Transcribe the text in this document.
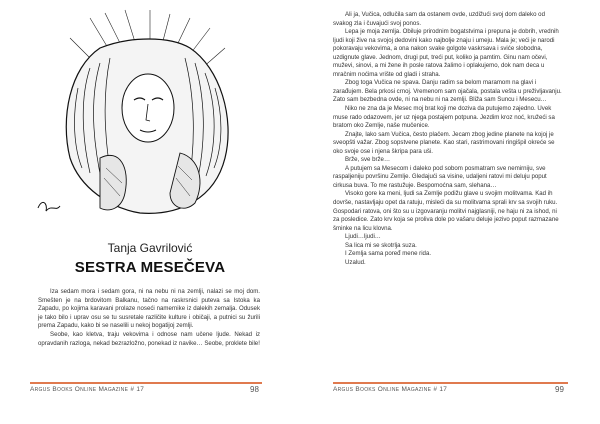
Tanja Gavrilović
SESTRA MESEČEVA

Iza sedam mora i sedam gora, ni na nebu ni na zemlji, nalazi se moj dom. Smešten je na brdovitom Balkanu, tačno na raskrsnici puteva sa Istoka ka Zapadu, po kojima karavani prolaze noseći namernike iz dalekih zemalja. Odusek je tako bilo i uprav osu se tu susretale različite kulture i običaji, a putnici su žurili prema Zapadu, kako bi se naselili u nekoj bogatijoj zemlji.

Seobe, kao kletva, traju vekovima i odnose nam učene ljude. Nekad iz opravdanih razloga, nekad bezrazložno, ponekad iz navike… Seobe, proklete bile!

Argus Books Online Magazine # 17	98

Ali ja, Vučica, odlučila sam da ostanem ovde, uzdižući svoj dom dalеko od svakog zla i čuvajući svoj ponos.

Lepa je moja zemlja. Obiluje prirodnim bogatstvima i prepuna je dobrih, vrednih ljudi koji žive na svojoj dedovini kako najbolje znaju i umeju. Mala je; veći je narodi pokoravaju vekovima, a ona nakon svake golgote vaskrsava i sviće slobodna, uzdignute glave. Jednom, drugi put, treći put, koliko ja pamtim. Ginu nam očevi, muževi, sinovi, a mi žene ih posle ratova žalimo i oplakujemo, dok nam deca u mračnim noćima vrište od gladi i straha.

Zbog toga Vučica ne spava. Danju radim sa belom maramom na glavi i zarađujem. Bela prkosi crnoj. Vremenom sam ojačala, postala vešta u preživljavanju. Zato sam bezbedna ovde, ni na nebu ni na zemlji. Bliža sam Suncu i Mesecu…

Niko ne zna da je Mesec moj brat koji me doziva da putujemo zajedno. Uvek muse rado odazovem, jer uz njega postajem potpuna. Jezdim kroz noć, kružeći sa bratom oko Zemlje, naše mučenice.

Znajte, lako sam Vučica, često plačem. Jecam zbog jedine planete na kojoj je sveopšti važar. Zbog sopstvene planete. Kao stari, rastrimovani ringišpil okreće se oko svoje ose i njena škripa para uši.

Brže, sve brže…

A putujem sa Mesecom i daleko pod sobom posmatram sve nemirniju, sve raspaljeniju površinu Zemlje. Gledajući sa visine, udaljeni ratovi mi deluju poput cirkusa buva. To me rastužuje. Bespomoćna sam, slehana…

Visoko gore ka meni, ljudi sa Zemlje podižu glave u svojim molitvama. Kad ih dovrše, nastavljaju opet da ratuju, misleći da su molitvama sprali krv sa svojih ruku. Gospodari ratova, oni što su u izgovaranju molitvi najglasniji, ne haju ni za ishod, ni za posledice. Zato krv koja se proliva dole po vašaru deluje jezivo poput razmazane šminke na licu klovna.

Ljudi…ljudi…

Sa lica mi se skotrlja suza.

I Zemlja sama poređ mene rida.

Uzalud.

Argus Books Online Magazine # 17	99
